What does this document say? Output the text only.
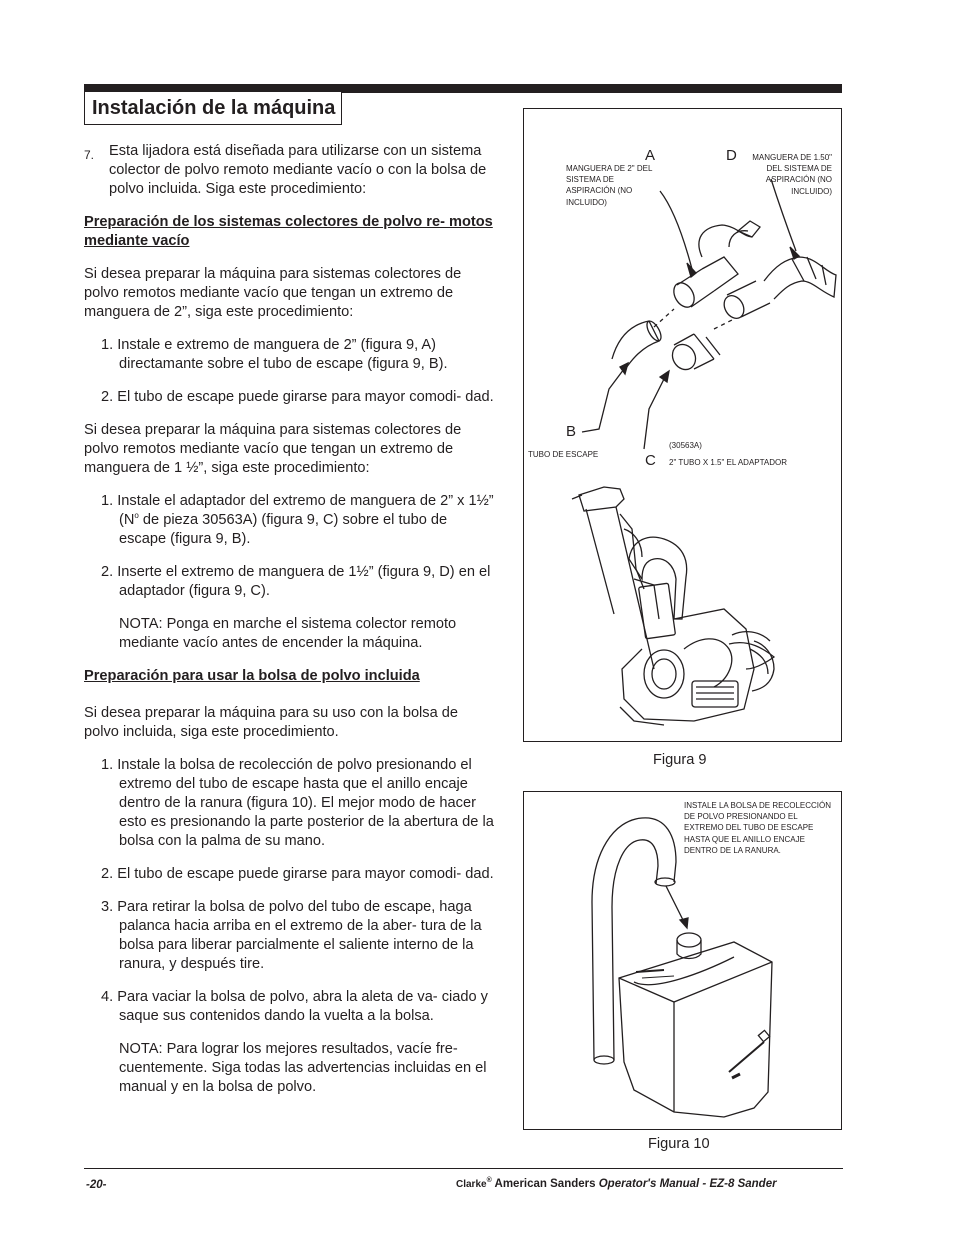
Instalación de la máquina
7.	Esta lijadora está diseñada para utilizarse con un sistema colector de polvo remoto mediante vacío o con la bolsa de polvo incluida. Siga este procedimiento:

Preparación de los sistemas colectores de polvo re- motos mediante vacío

Si desea preparar la máquina para sistemas colectores de polvo remotos mediante vacío que tengan un extremo de manguera de 2”, siga este procedimiento:

1. Instale e extremo de manguera de 2” (figura 9, A) directamante sobre el tubo de escape (figura 9, B).

2. El tubo de escape puede girarse para mayor comodi- dad.

Si desea preparar la máquina para sistemas colectores de polvo remotos mediante vacío que tengan un extremo de manguera de 1 ½”, siga este procedimiento:

1. Instale el adaptador del extremo de manguera de 2” x 1½” ($N^o$ de pieza 30563A) (figura 9, C) sobre el tubo de escape (figura 9, B).

2. Inserte el extremo de manguera de 1½” (figura 9, D) en el adaptador (figura 9, C).

NOTA: Ponga en marche el sistema colector remoto mediante vacío antes de encender la máquina.

Preparación para usar la bolsa de polvo incluida

Si desea preparar la máquina para su uso con la bolsa de polvo incluida, siga este procedimiento.

1. Instale la bolsa de recolección de polvo presionando el extremo del tubo de escape hasta que el anillo encaje dentro de la ranura (figura 10). El mejor modo de hacer esto es presionando la parte posterior de la abertura de la bolsa con la palma de su mano.

2. El tubo de escape puede girarse para mayor comodi- dad.

3. Para retirar la bolsa de polvo del tubo de escape, haga palanca hacia arriba en el extremo de la aber- tura de la bolsa para liberar parcialmente el saliente interno de la ranura, y después tire.

4. Para vaciar la bolsa de polvo, abra la aleta de va- ciado y saque sus contenidos dando la vuelta a la bolsa.

NOTA: Para lograr los mejores resultados, vacíe fre- cuentemente. Siga todas las advertencias incluidas en el manual y en la bolsa de polvo.

A	D
B
C
MANGUERA DE 2" DEL SISTEMA DE ASPIRACIÓN (NO INCLUIDO)
MANGUERA DE 1.50" DEL SISTEMA DE ASPIRACIÓN (NO INCLUIDO)
TUBO DE ESCAPE
(30563A)
2" TUBO X 1.5" EL ADAPTADOR
Figura 9
INSTALE LA BOLSA DE RECOLECCIÓN DE POLVO PRESIONANDO EL EXTREMO DEL TUBO DE ESCAPE HASTA QUE EL ANILLO ENCAJE DENTRO DE LA RANURA.
Figura 10
-20-	Clarke® American Sanders Operator's Manual - EZ-8 Sander
